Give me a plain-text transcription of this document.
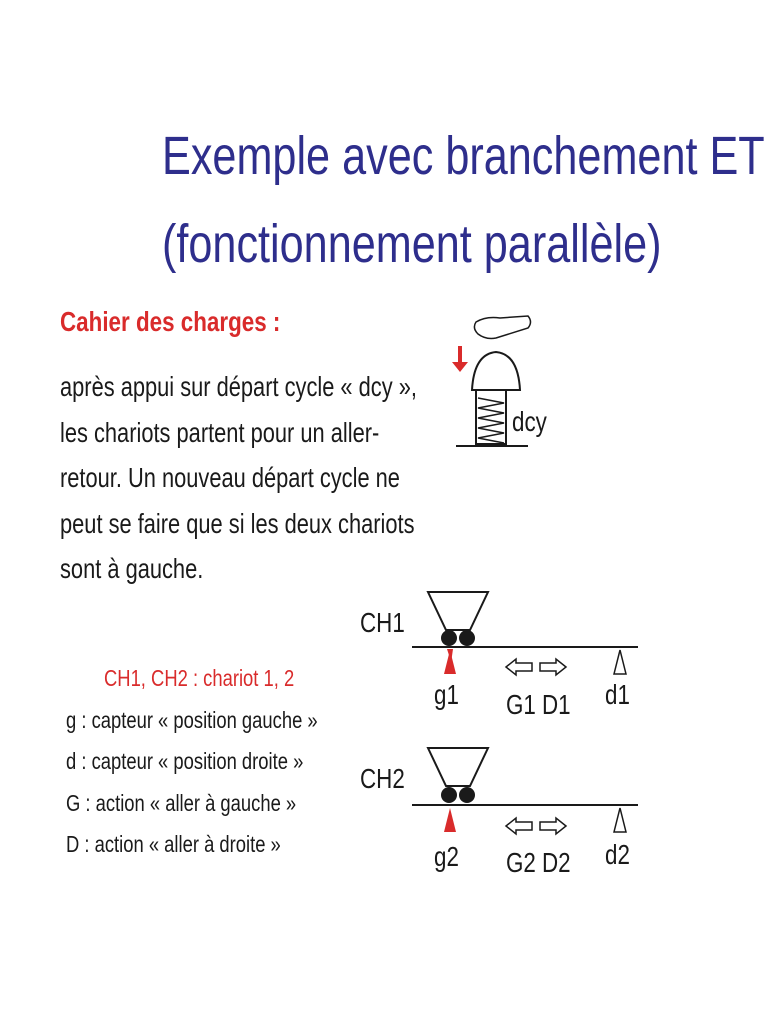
Exemple avec branchement ET
(fonctionnement parallèle)
Cahier des charges :
après appui sur départ cycle « dcy »,
les chariots partent pour un aller-
retour. Un nouveau départ cycle ne
peut se faire que si les deux chariots
sont à gauche.
CH1, CH2 : chariot 1, 2
g : capteur « position gauche »
d : capteur « position droite »
G : action « aller à gauche »
D : action « aller à droite »
dcy
CH1
g1 G1 D1 d1
CH2
g2 G2 D2 d2
